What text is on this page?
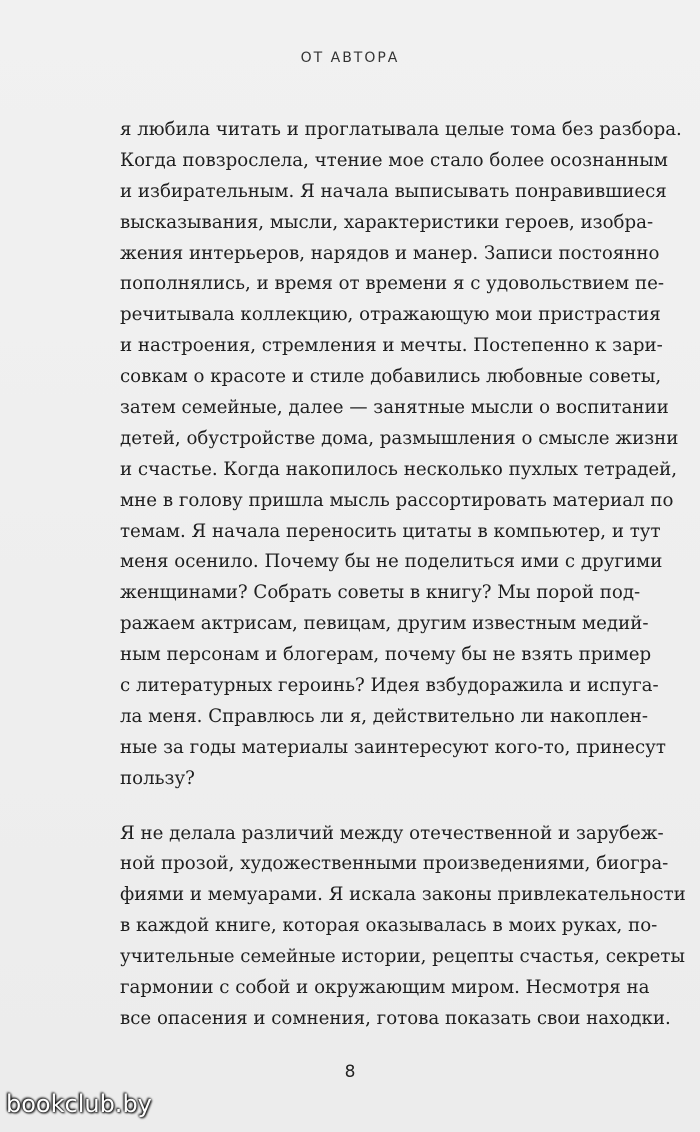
ОТ АВТОРА
я любила читать и проглатывала целые тома без разбора.
Когда повзрослела, чтение мое стало более осознанным
и избирательным. Я начала выписывать понравившиеся
высказывания, мысли, характеристики героев, изобра-
жения интерьеров, нарядов и манер. Записи постоянно
пополнялись, и время от времени я с удовольствием пе-
речитывала коллекцию, отражающую мои пристрастия
и настроения, стремления и мечты. Постепенно к зари-
совкам о красоте и стиле добавились любовные советы,
затем семейные, далее — занятные мысли о воспитании
детей, обустройстве дома, размышления о смысле жизни
и счастье. Когда накопилось несколько пухлых тетрадей,
мне в голову пришла мысль рассортировать материал по
темам. Я начала переносить цитаты в компьютер, и тут
меня осенило. Почему бы не поделиться ими с другими
женщинами? Собрать советы в книгу? Мы порой под-
ражаем актрисам, певицам, другим известным медий-
ным персонам и блогерам, почему бы не взять пример
с литературных героинь? Идея взбудоражила и испуга-
ла меня. Справлюсь ли я, действительно ли накоплен-
ные за годы материалы заинтересуют кого-то, принесут
пользу?
Я не делала различий между отечественной и зарубеж-
ной прозой, художественными произведениями, биогра-
фиями и мемуарами. Я искала законы привлекательности
в каждой книге, которая оказывалась в моих руках, по-
учительные семейные истории, рецепты счастья, секреты
гармонии с собой и окружающим миром. Несмотря на
все опасения и сомнения, готова показать свои находки.
8
bookclub.by
